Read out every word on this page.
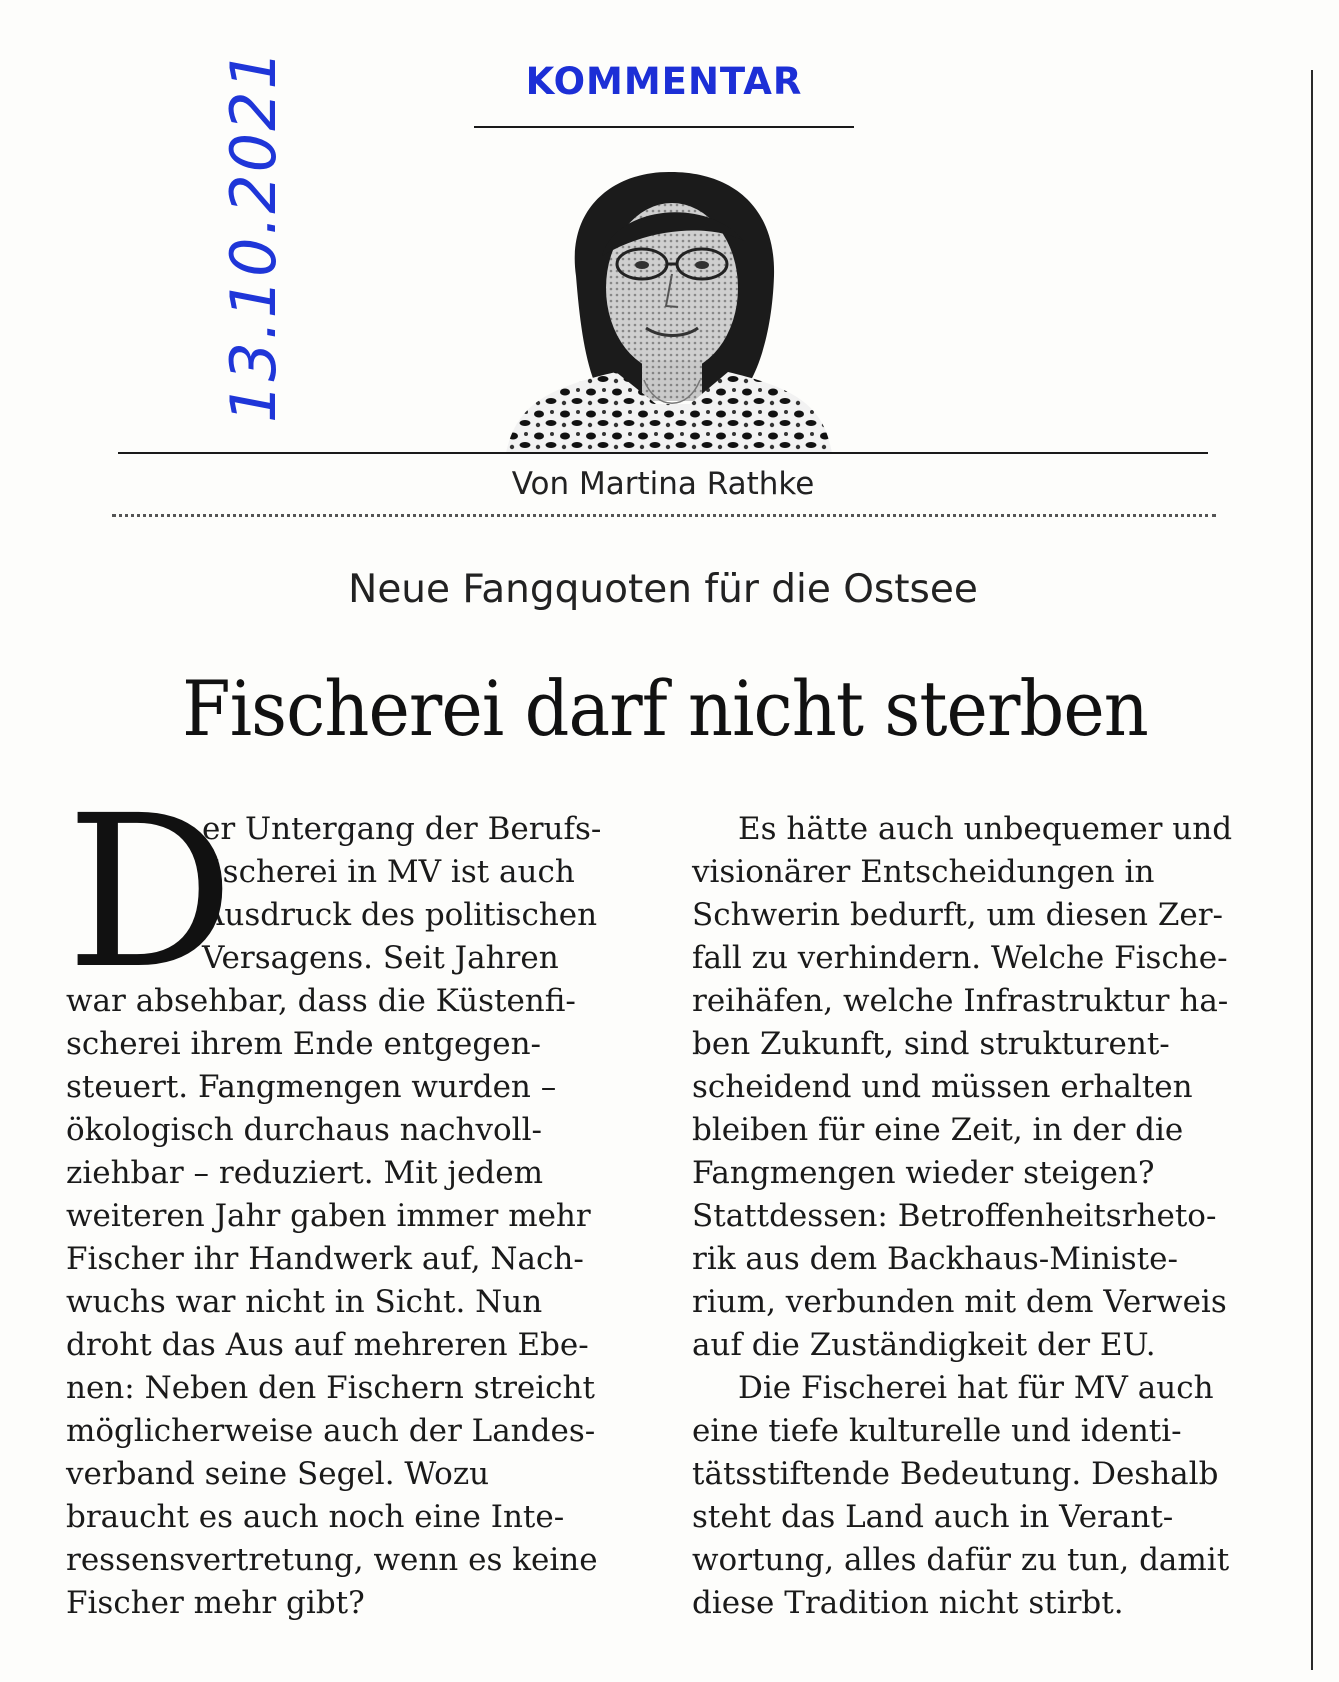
KOMMENTAR
13.10.2021
Von Martina Rathke
Neue Fangquoten für die Ostsee
Fischerei darf nicht sterben
D
er Untergang der Berufs-
fischerei in MV ist auch
Ausdruck des politischen
Versagens. Seit Jahren
war absehbar, dass die Küstenfi-
scherei ihrem Ende entgegen-
steuert. Fangmengen wurden –
ökologisch durchaus nachvoll-
ziehbar – reduziert. Mit jedem
weiteren Jahr gaben immer mehr
Fischer ihr Handwerk auf, Nach-
wuchs war nicht in Sicht. Nun
droht das Aus auf mehreren Ebe-
nen: Neben den Fischern streicht
möglicherweise auch der Landes-
verband seine Segel. Wozu
braucht es auch noch eine Inte-
ressensvertretung, wenn es keine
Fischer mehr gibt?
Es hätte auch unbequemer und
visionärer Entscheidungen in
Schwerin bedurft, um diesen Zer-
fall zu verhindern. Welche Fische-
reihäfen, welche Infrastruktur ha-
ben Zukunft, sind strukturent-
scheidend und müssen erhalten
bleiben für eine Zeit, in der die
Fangmengen wieder steigen?
Stattdessen: Betroffenheitsrheto-
rik aus dem Backhaus-Ministe-
rium, verbunden mit dem Verweis
auf die Zuständigkeit der EU.
Die Fischerei hat für MV auch
eine tiefe kulturelle und identi-
tätsstiftende Bedeutung. Deshalb
steht das Land auch in Verant-
wortung, alles dafür zu tun, damit
diese Tradition nicht stirbt.
